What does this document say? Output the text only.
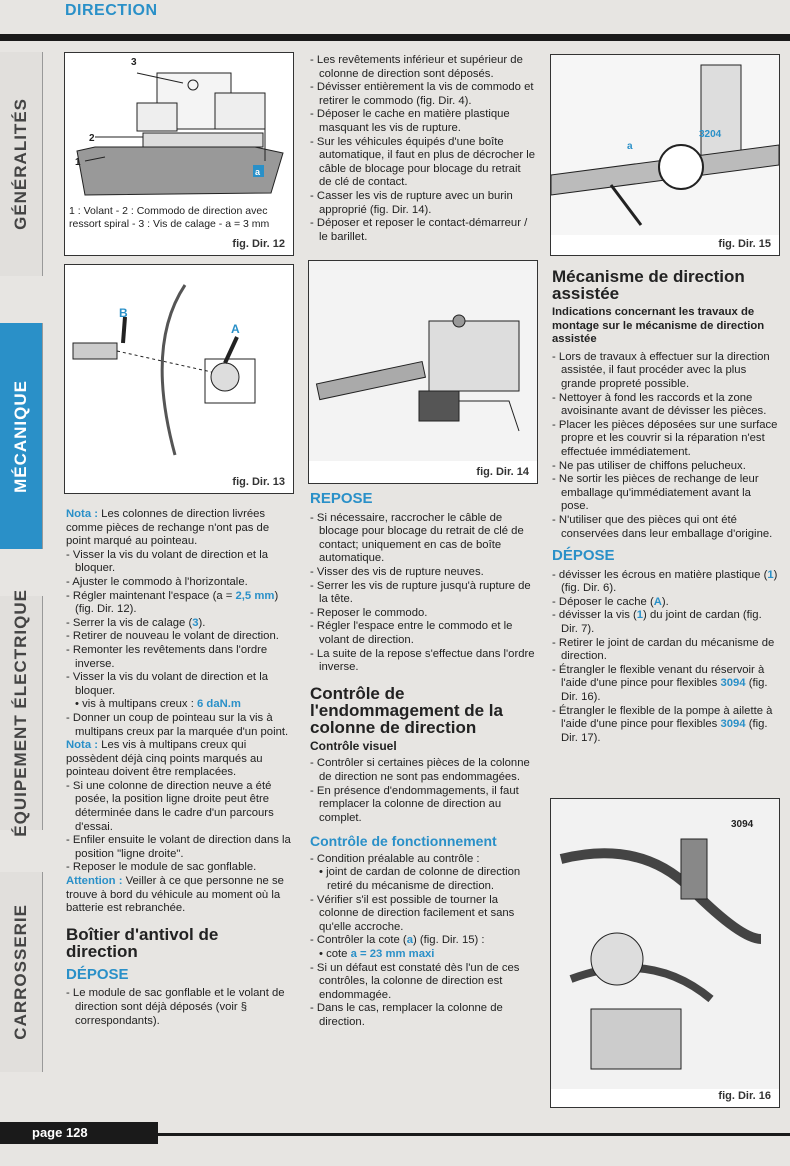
DIRECTION
GÉNÉRALITÉS
MÉCANIQUE
ÉQUIPEMENT ÉLECTRIQUE
CARROSSERIE
3
2
1
a
1 : Volant - 2 : Commodo de direction avec ressort spiral - 3 : Vis de calage - a = 3 mm
fig. Dir. 12
B
A
fig. Dir. 13
fig. Dir. 14
3204
a
fig. Dir. 15
3094
fig. Dir. 16

Nota : Les colonnes de direction livrées comme pièces de rechange n'ont pas de point marqué au pointeau.

- Visser la vis du volant de direction et la bloquer.

- Ajuster le commodo à l'horizontale.

- Régler maintenant l'espace (a = 2,5 mm) (fig. Dir. 12).

- Serrer la vis de calage (3).

- Retirer de nouveau le volant de direction.

- Remonter les revêtements dans l'ordre inverse.

- Visser la vis du volant de direction et la bloquer.

• vis à multipans creux : 6 daN.m

- Donner un coup de pointeau sur la vis à multipans creux par la marquée d'un point.

Nota : Les vis à multipans creux qui possèdent déjà cinq points marqués au pointeau doivent être remplacées.

- Si une colonne de direction neuve a été posée, la position ligne droite peut être déterminée dans le cadre d'un parcours d'essai.

- Enfiler ensuite le volant de direction dans la position "ligne droite".

- Reposer le module de sac gonflable.

Attention : Veiller à ce que personne ne se trouve à bord du véhicule au moment où la batterie est rebranchée.

Boîtier d'antivol de direction
DÉPOSE

- Le module de sac gonflable et le volant de direction sont déjà déposés (voir § correspondants).

- Les revêtements inférieur et supérieur de colonne de direction sont déposés.

- Dévisser entièrement la vis de commodo et retirer le commodo (fig. Dir. 4).

- Déposer le cache en matière plastique masquant les vis de rupture.

- Sur les véhicules équipés d'une boîte automatique, il faut en plus de décrocher le câble de blocage pour blocage du retrait de clé de contact.

- Casser les vis de rupture avec un burin approprié (fig. Dir. 14).

- Déposer et reposer le contact-démarreur / le barillet.

REPOSE

- Si nécessaire, raccrocher le câble de blocage pour blocage du retrait de clé de contact; uniquement en cas de boîte automatique.

- Visser des vis de rupture neuves.

- Serrer les vis de rupture jusqu'à rupture de la tête.

- Reposer le commodo.

- Régler l'espace entre le commodo et le volant de direction.

- La suite de la repose s'effectue dans l'ordre inverse.

Contrôle de l'endommagement de la colonne de direction
Contrôle visuel

- Contrôler si certaines pièces de la colonne de direction ne sont pas endommagées.

- En présence d'endommagements, il faut remplacer la colonne de direction au complet.

Contrôle de fonctionnement

- Condition préalable au contrôle :

• joint de cardan de colonne de direction retiré du mécanisme de direction.

- Vérifier s'il est possible de tourner la colonne de direction facilement et sans qu'elle accroche.

- Contrôler la cote (a) (fig. Dir. 15) :

• cote a = 23 mm maxi

- Si un défaut est constaté dès l'un de ces contrôles, la colonne de direction est endommagée.

- Dans le cas, remplacer la colonne de direction.

Mécanisme de direction assistée
Indications concernant les travaux de montage sur le mécanisme de direction assistée

- Lors de travaux à effectuer sur la direction assistée, il faut procéder avec la plus grande propreté possible.

- Nettoyer à fond les raccords et la zone avoisinante avant de dévisser les pièces.

- Placer les pièces déposées sur une surface propre et les couvrir si la réparation n'est effectuée immédiatement.

- Ne pas utiliser de chiffons pelucheux.

- Ne sortir les pièces de rechange de leur emballage qu'immédiatement avant la pose.

- N'utiliser que des pièces qui ont été conservées dans leur emballage d'origine.

DÉPOSE

- dévisser les écrous en matière plastique (1) (fig. Dir. 6).

- Déposer le cache (A).

- dévisser la vis (1) du joint de cardan (fig. Dir. 7).

- Retirer le joint de cardan du mécanisme de direction.

- Étrangler le flexible venant du réservoir à l'aide d'une pince pour flexibles 3094 (fig. Dir. 16).

- Étrangler le flexible de la pompe à ailette à l'aide d'une pince pour flexibles 3094 (fig. Dir. 17).

page 128
